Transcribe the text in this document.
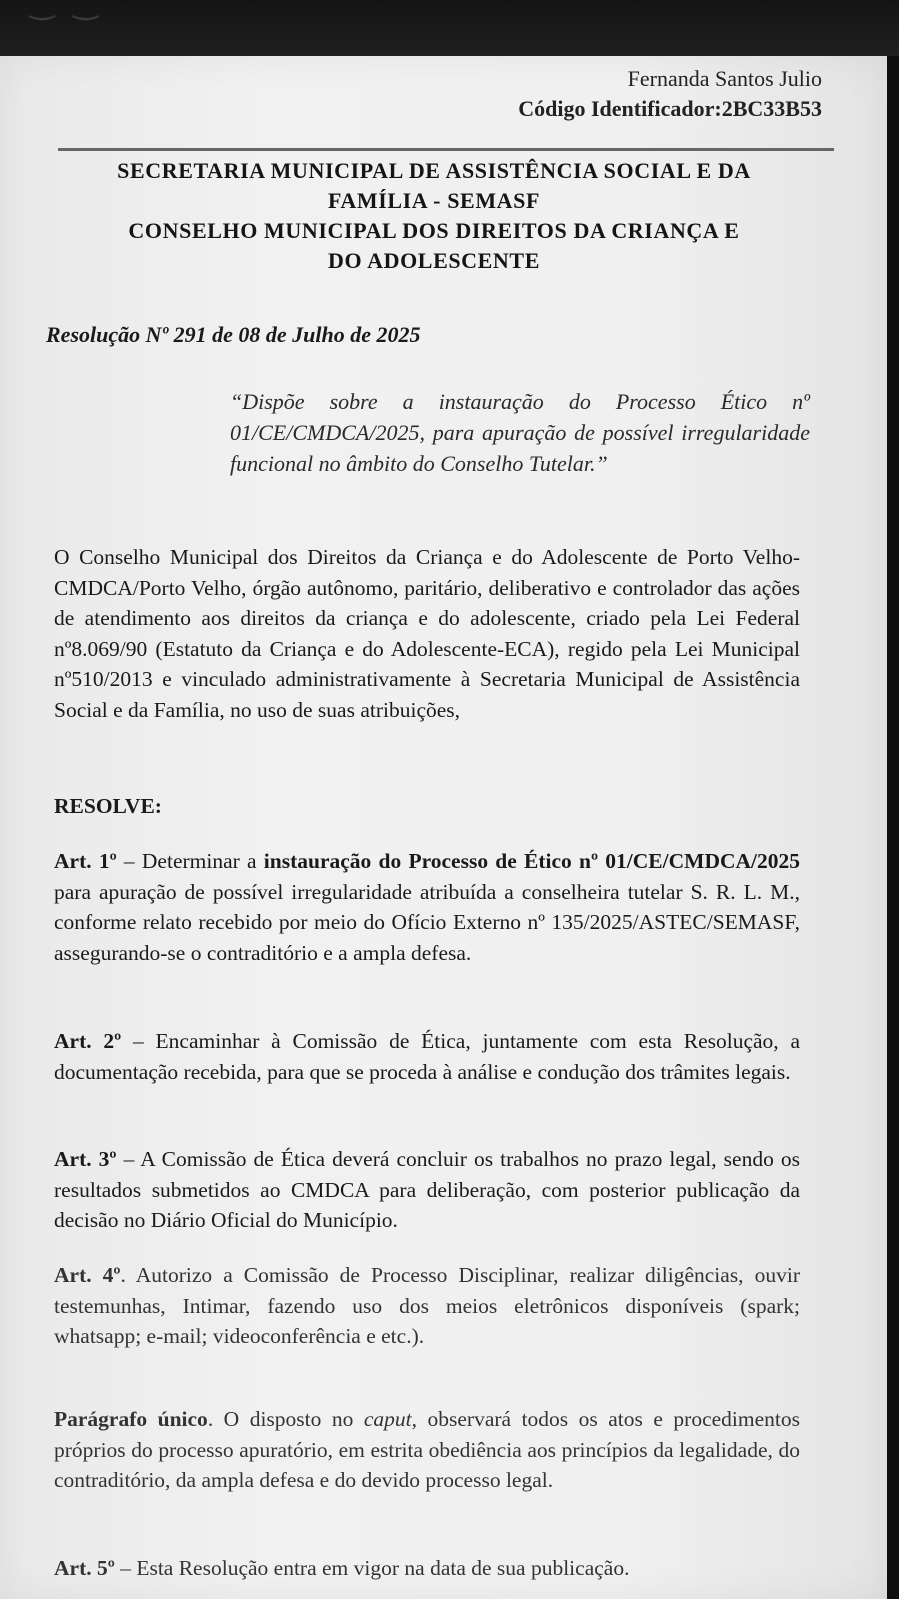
‿ ‿
Fernanda Santos Julio
Código Identificador:2BC33B53
SECRETARIA MUNICIPAL DE ASSISTÊNCIA SOCIAL E DA
FAMÍLIA - SEMASF
CONSELHO MUNICIPAL DOS DIREITOS DA CRIANÇA E
DO ADOLESCENTE
Resolução Nº 291 de 08 de Julho de 2025
“Dispõe sobre a instauração do Processo Ético nº 01/CE/CMDCA/2025, para apuração de possível irregularidade funcional no âmbito do Conselho Tutelar.”
O Conselho Municipal dos Direitos da Criança e do Adolescente de Porto Velho- CMDCA/Porto Velho, órgão autônomo, paritário, deliberativo e controlador das ações de atendimento aos direitos da criança e do adolescente, criado pela Lei Federal nº8.069/90 (Estatuto da Criança e do Adolescente-ECA), regido pela Lei Municipal nº510/2013 e vinculado administrativamente à Secretaria Municipal de Assistência Social e da Família, no uso de suas atribuições,
RESOLVE:
Art. 1º – Determinar a instauração do Processo de Ético nº 01/CE/CMDCA/2025 para apuração de possível irregularidade atribuída a conselheira tutelar S. R. L. M., conforme relato recebido por meio do Ofício Externo nº 135/2025/ASTEC/SEMASF, assegurando-se o contraditório e a ampla defesa.
Art. 2º – Encaminhar à Comissão de Ética, juntamente com esta Resolução, a documentação recebida, para que se proceda à análise e condução dos trâmites legais.
Art. 3º – A Comissão de Ética deverá concluir os trabalhos no prazo legal, sendo os resultados submetidos ao CMDCA para deliberação, com posterior publicação da decisão no Diário Oficial do Município.
Art. 4º. Autorizo a Comissão de Processo Disciplinar, realizar diligências, ouvir testemunhas, Intimar, fazendo uso dos meios eletrônicos disponíveis (spark; whatsapp; e-mail; videoconferência e etc.).
Parágrafo único. O disposto no caput, observará todos os atos e procedimentos próprios do processo apuratório, em estrita obediência aos princípios da legalidade, do contraditório, da ampla defesa e do devido processo legal.
Art. 5º – Esta Resolução entra em vigor na data de sua publicação.
